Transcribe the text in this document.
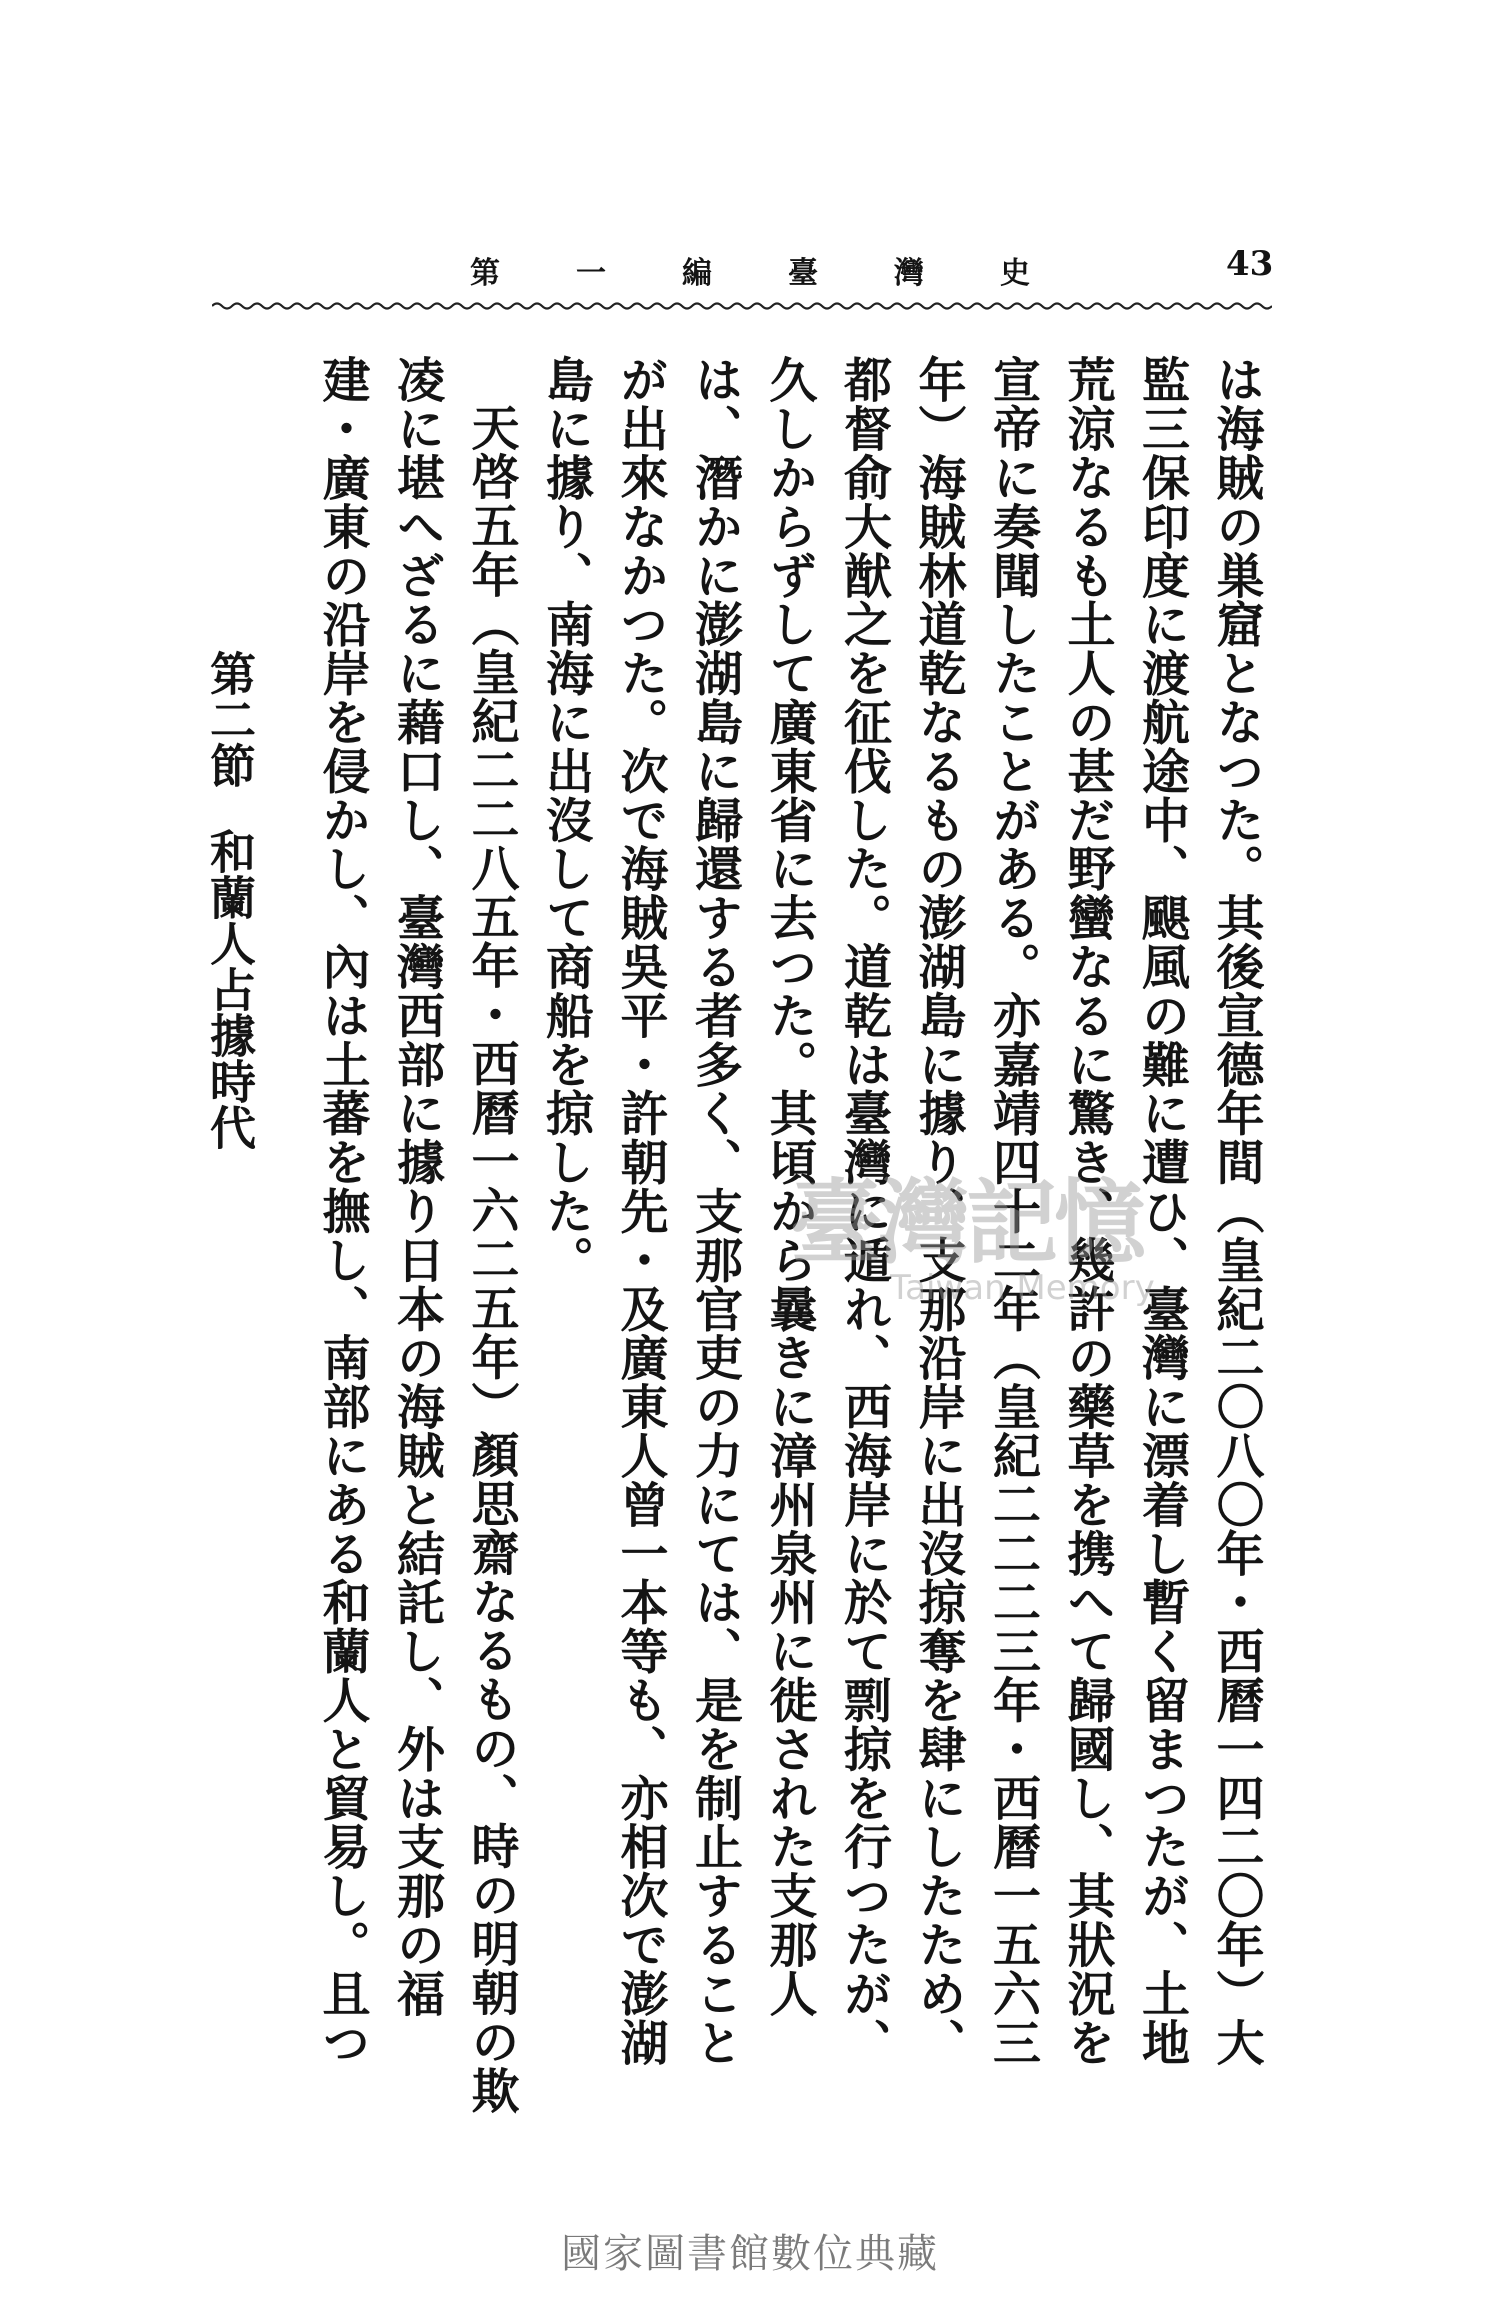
第	一	編	臺	灣	史	43

は海賊の巣窟となつた。其後宣德年間（皇紀二〇八〇年・西曆一四二〇年）大監三保印度に渡航途中、颶風の難に遭ひ、臺灣に漂着し暫く留まつたが、土地荒涼なるも土人の甚だ野蠻なるに驚き、幾許の藥草を携へて歸國し、其狀況を宣帝に奏聞したことがある。亦嘉靖四十二年（皇紀二二二三年・西曆一五六三年）海賊林道乾なるもの澎湖島に據り、支那沿岸に出沒掠奪を肆にしたため、都督俞大猷之を征伐した。道乾は臺灣に遁れ、西海岸に於て剽掠を行つたが、久しからずして廣東省に去つた。其頃から曩きに漳州泉州に徙された支那人は、潛かに澎湖島に歸還する者多く、支那官吏の力にては、是を制止することが出來なかつた。次で海賊吳平・許朝先・及廣東人曾一本等も、亦相次で澎湖島に據り、南海に出沒して商船を掠した。

天啓五年（皇紀二二八五年・西曆一六二五年）顏思齋なるもの、時の明朝の欺凌に堪へざるに藉口し、臺灣西部に據り日本の海賊と結託し、外は支那の福建・廣東の沿岸を侵かし、內は土蕃を撫し、南部にある和蘭人と貿易し。且つ

第二節和蘭人占據時代
臺灣記憶
Taiwan Memory
國家圖書館數位典藏
